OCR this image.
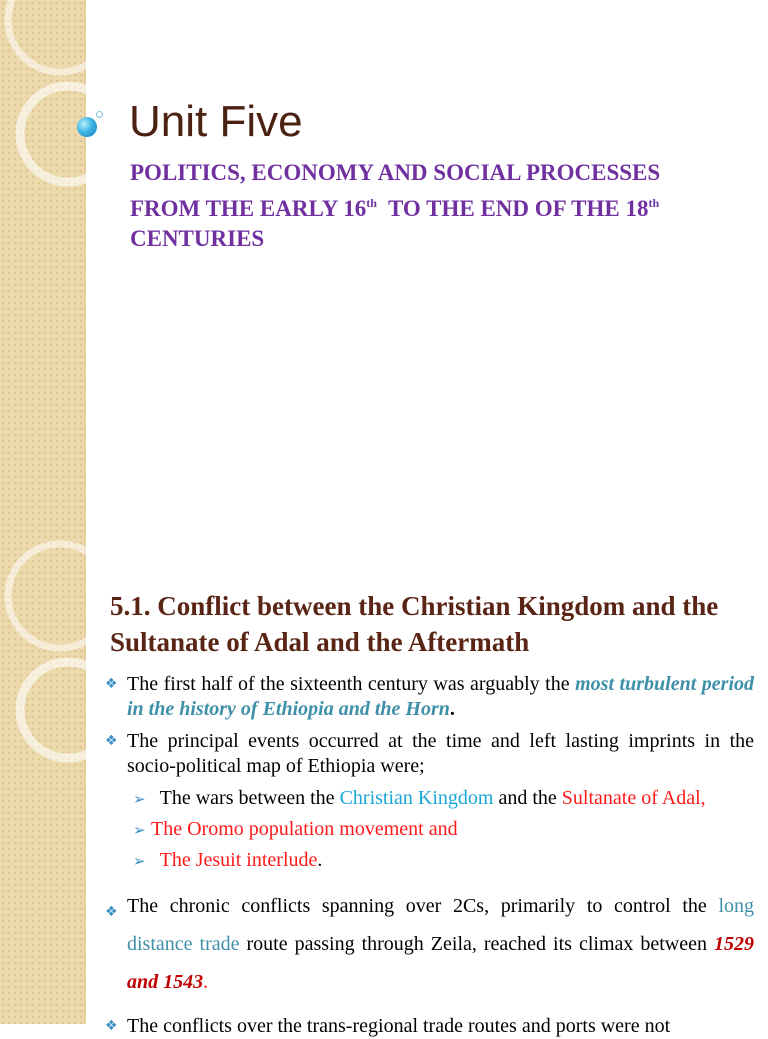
Unit Five
POLITICS, ECONOMY AND SOCIAL PROCESSES
FROM THE EARLY 16th  TO THE END OF THE 18th
CENTURIES
5.1. Conflict between the Christian Kingdom and the Sultanate of Adal and the Aftermath
❖ The first half of the sixteenth century was arguably the most turbulent period in the history of Ethiopia and the Horn.
❖ The principal events occurred at the time and left lasting imprints in the socio-political map of Ethiopia were;
➢ The wars between the Christian Kingdom and the Sultanate of Adal,
➢ The Oromo population movement and
➢ The Jesuit interlude.
❖ The chronic conflicts spanning over 2Cs, primarily to control the long distance trade route passing through Zeila, reached its climax between 1529 and 1543.
❖ The conflicts over the trans-regional trade routes and ports were not
